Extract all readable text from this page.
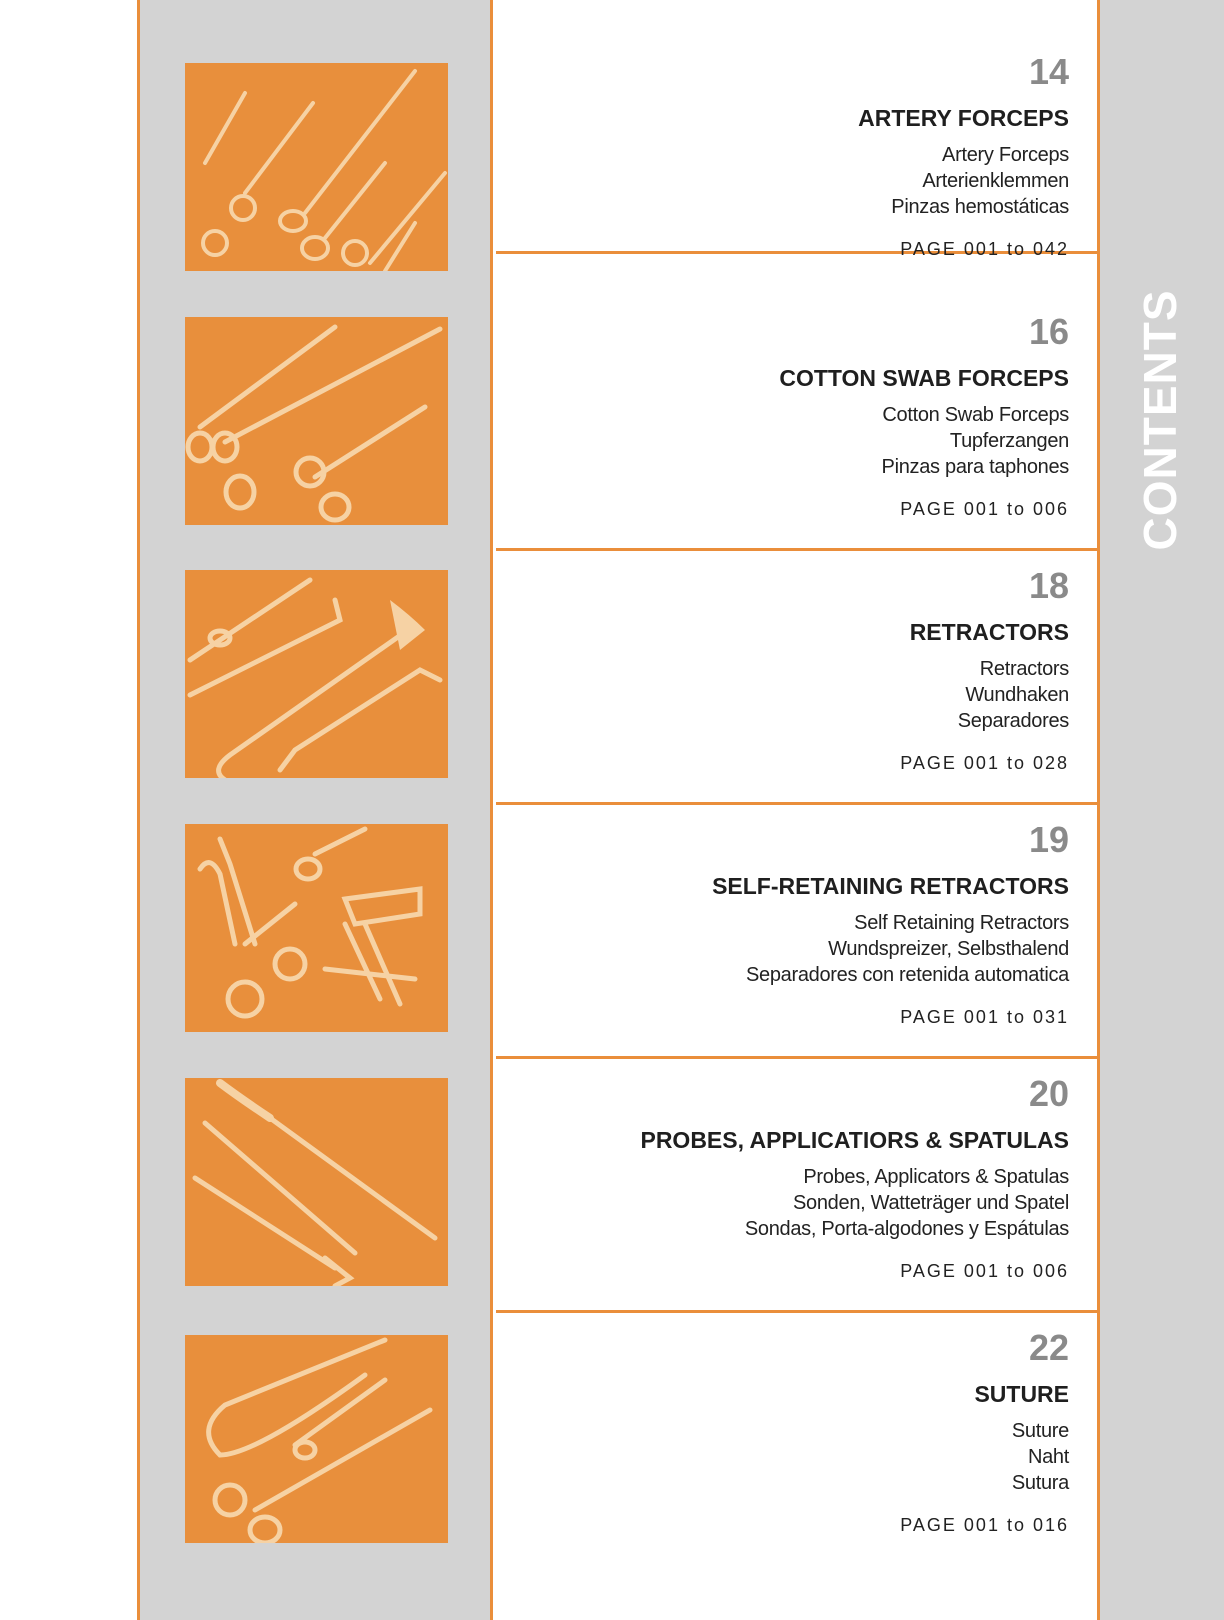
CONTENTS
14
ARTERY FORCEPS
Artery Forceps
Arterienklemmen
Pinzas hemostáticas
PAGE 001 to 042
16
COTTON SWAB FORCEPS
Cotton Swab Forceps
Tupferzangen
Pinzas para taphones
PAGE 001 to 006
18
RETRACTORS
Retractors
Wundhaken
Separadores
PAGE 001 to 028
19
SELF-RETAINING RETRACTORS
Self Retaining Retractors
Wundspreizer, Selbsthalend
Separadores con retenida automatica
PAGE 001 to 031
20
PROBES, APPLICATIORS & SPATULAS
Probes, Applicators & Spatulas
Sonden, Watteträger und Spatel
Sondas, Porta-algodones y Espátulas
PAGE 001 to 006
22
SUTURE
Suture
Naht
Sutura
PAGE 001 to 016
